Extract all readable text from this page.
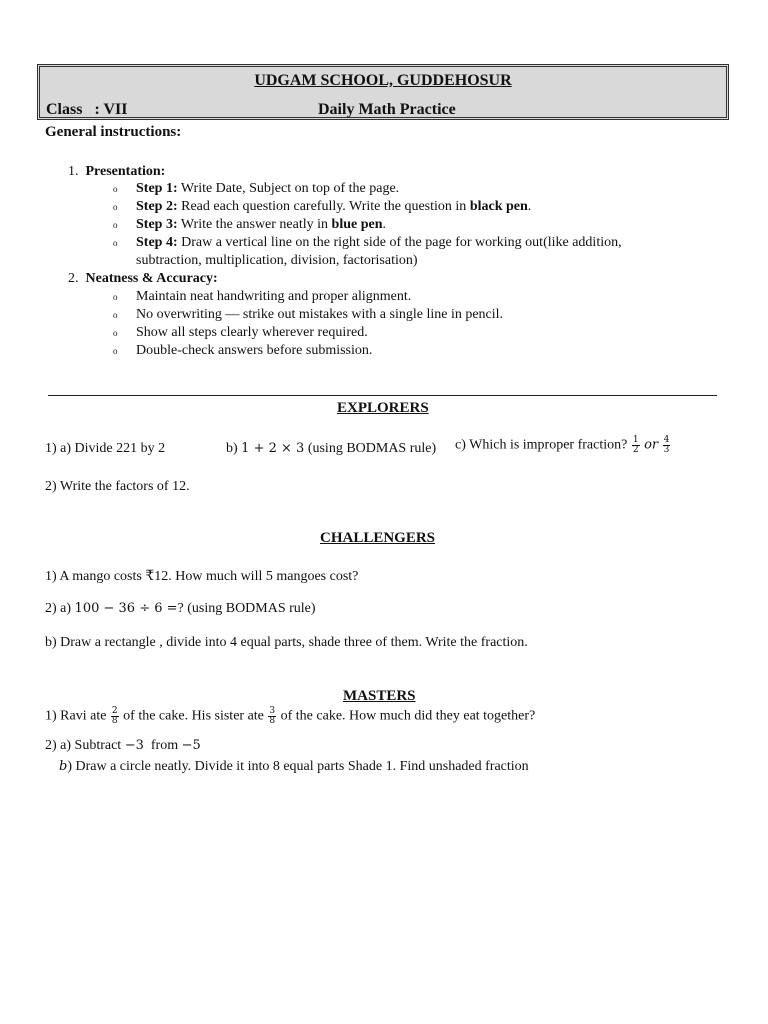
UDGAM SCHOOL, GUDDEHOSUR
Class : VII	Daily Math Practice
General instructions:
1. Presentation:
o Step 1: Write Date, Subject on top of the page.
o Step 2: Read each question carefully. Write the question in black pen.
o Step 3: Write the answer neatly in blue pen.
o Step 4: Draw a vertical line on the right side of the page for working out(like addition,
subtraction, multiplication, division, factorisation)
2. Neatness & Accuracy:
o Maintain neat handwriting and proper alignment.
o No overwriting — strike out mistakes with a single line in pencil.
o Show all steps clearly wherever required.
o Double-check answers before submission.
EXPLORERS
1) a) Divide 221 by 2	b) 1 + 2 × 3 (using BODMAS rule) c) Which is improper fraction? $\frac{1}{2}$ or $\frac{4}{3}$
2) Write the factors of 12.
CHALLENGERS
1) A mango costs ₹12. How much will 5 mangoes cost?
2) a) 100 − 36 ÷ 6 =? (using BODMAS rule)
b) Draw a rectangle , divide into 4 equal parts, shade three of them. Write the fraction.
MASTERS
1) Ravi ate $\frac{2}{8}$ of the cake. His sister ate $\frac{3}{8}$ of the cake. How much did they eat together?
2) a) Subtract −3  from −5
b) Draw a circle neatly. Divide it into 8 equal parts Shade 1. Find unshaded fraction
